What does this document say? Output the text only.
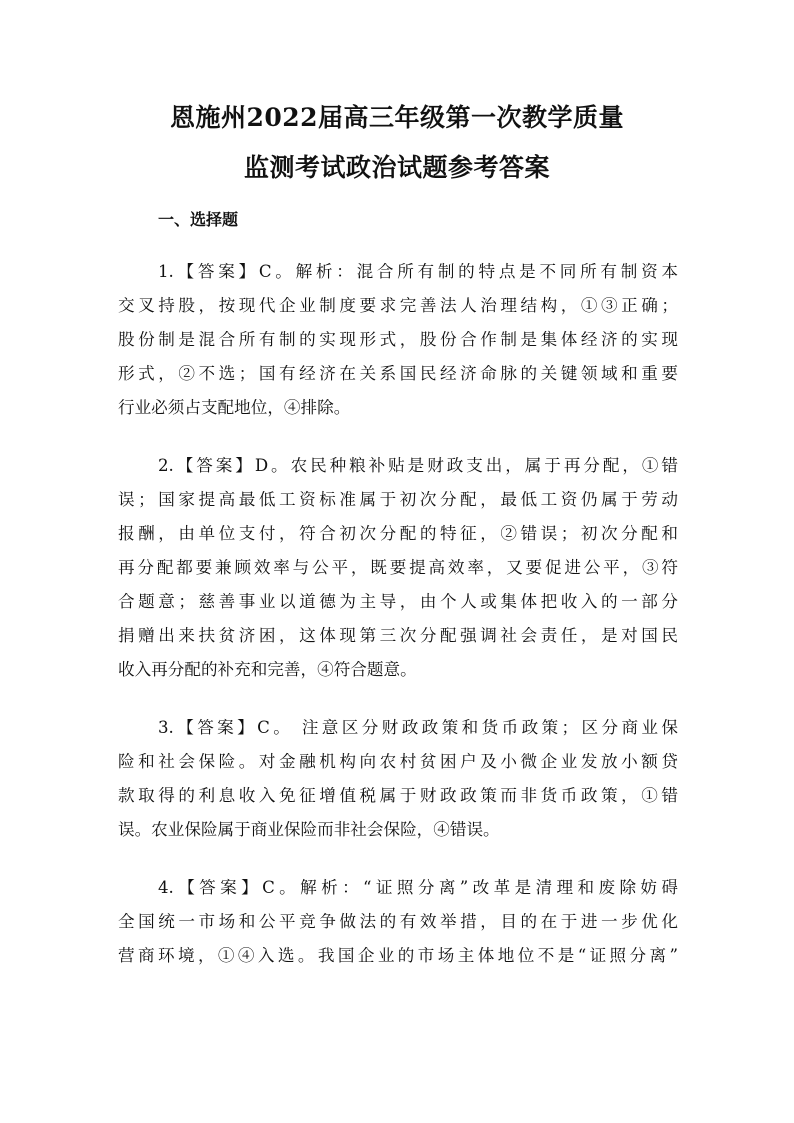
恩施州2022届高三年级第一次教学质量
监测考试政治试题参考答案
一、选择题
1.【答案】C。解析：混合所有制的特点是不同所有制资本
交叉持股，按现代企业制度要求完善法人治理结构，①③正确；
股份制是混合所有制的实现形式，股份合作制是集体经济的实现
形式，②不选；国有经济在关系国民经济命脉的关键领域和重要
行业必须占支配地位，④排除。
2.【答案】D。农民种粮补贴是财政支出，属于再分配，①错
误；国家提高最低工资标准属于初次分配，最低工资仍属于劳动
报酬，由单位支付，符合初次分配的特征，②错误；初次分配和
再分配都要兼顾效率与公平，既要提高效率，又要促进公平，③符
合题意；慈善事业以道德为主导，由个人或集体把收入的一部分
捐赠出来扶贫济困，这体现第三次分配强调社会责任，是对国民
收入再分配的补充和完善，④符合题意。
3.【答案】C。 注意区分财政政策和货币政策；区分商业保
险和社会保险。对金融机构向农村贫困户及小微企业发放小额贷
款取得的利息收入免征增值税属于财政政策而非货币政策，①错
误。农业保险属于商业保险而非社会保险，④错误。
4.【答案】C。解析：“证照分离”改革是清理和废除妨碍
全国统一市场和公平竞争做法的有效举措，目的在于进一步优化
营商环境，①④入选。我国企业的市场主体地位不是“证照分离”
